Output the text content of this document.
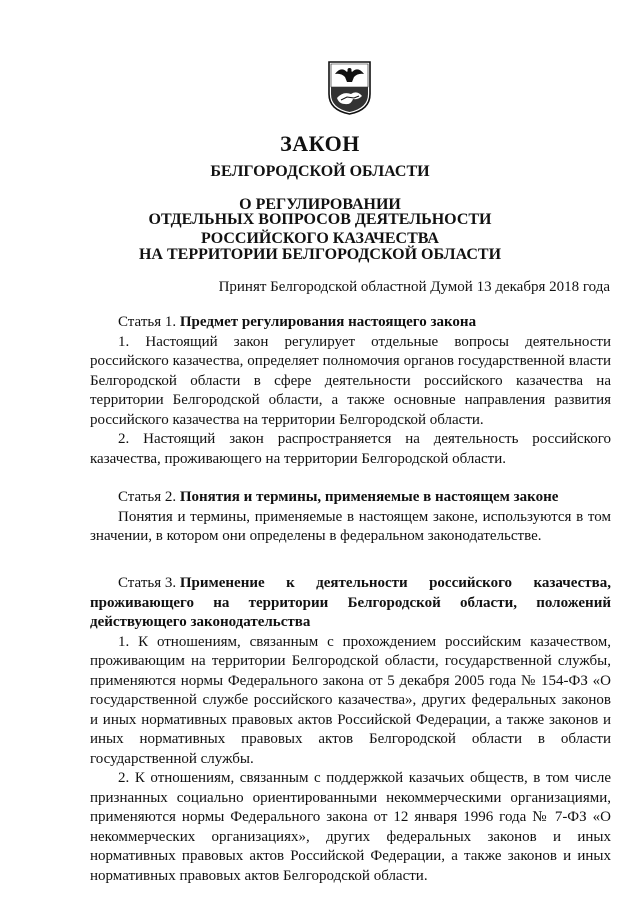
ЗАКОН
БЕЛГОРОДСКОЙ ОБЛАСТИ
О РЕГУЛИРОВАНИИ
ОТДЕЛЬНЫХ ВОПРОСОВ ДЕЯТЕЛЬНОСТИ
РОССИЙСКОГО КАЗАЧЕСТВА
НА ТЕРРИТОРИИ БЕЛГОРОДСКОЙ ОБЛАСТИ
Принят Белгородской областной Думой 13 декабря 2018 года

Статья 1. Предмет регулирования настоящего закона

1. Настоящий закон регулирует отдельные вопросы деятельности российского казачества, определяет полномочия органов государственной власти Белгородской области в сфере деятельности российского казачества на территории Белгородской области, а также основные направления развития российского казачества на территории Белгородской области.

2. Настоящий закон распространяется на деятельность российского казачества, проживающего на территории Белгородской области.

Статья 2. Понятия и термины, применяемые в настоящем законе

Понятия и термины, применяемые в настоящем законе, используются в том значении, в котором они определены в федеральном законодательстве.

Статья 3. Применение к деятельности российского казачества,
проживающего на территории Белгородской области, положений

действующего законодательства

1. К отношениям, связанным с прохождением российским казачеством, проживающим на территории Белгородской области, государственной службы, применяются нормы Федерального закона от 5 декабря 2005 года № 154-ФЗ «О государственной службе российского казачества», других федеральных законов и иных нормативных правовых актов Российской Федерации, а также законов и иных нормативных правовых актов Белгородской области в области государственной службы.

2. К отношениям, связанным с поддержкой казачьих обществ, в том числе признанных социально ориентированными некоммерческими организациями, применяются нормы Федерального закона от 12 января 1996 года № 7-ФЗ «О некоммерческих организациях», других федеральных законов и иных нормативных правовых актов Российской Федерации, а также законов и иных нормативных правовых актов Белгородской области.
